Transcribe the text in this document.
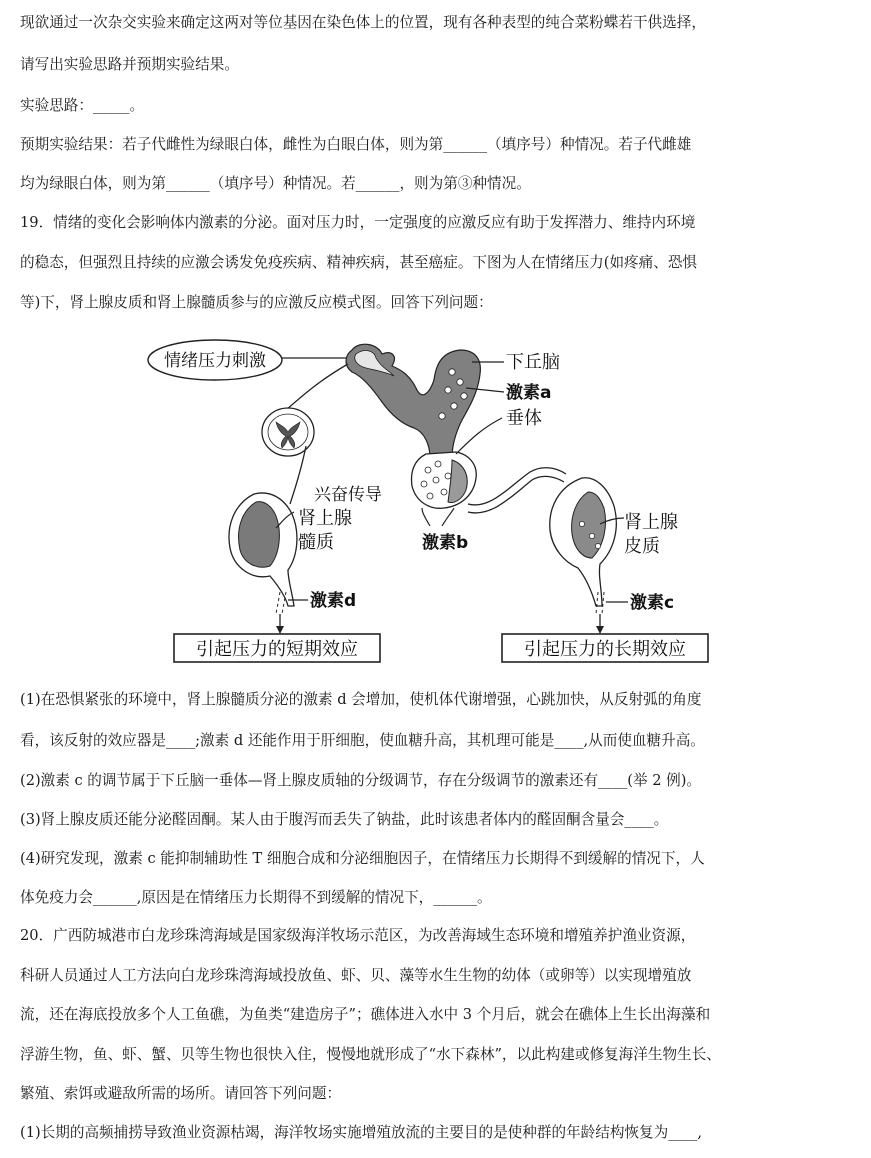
现欲通过一次杂交实验来确定这两对等位基因在染色体上的位置，现有各种表型的纯合菜粉蝶若干供选择，
请写出实验思路并预期实验结果。
实验思路：_____。
预期实验结果：若子代雌性为绿眼白体，雌性为白眼白体，则为第______（填序号）种情况。若子代雌雄
均为绿眼白体，则为第______（填序号）种情况。若______，则为第③种情况。
19．情绪的变化会影响体内激素的分泌。面对压力时，一定强度的应激反应有助于发挥潜力、维持内环境
的稳态，但强烈且持续的应激会诱发免疫疾病、精神疾病，甚至癌症。下图为人在情绪压力(如疼痛、恐惧
等)下，肾上腺皮质和肾上腺髓质参与的应激反应模式图。回答下列问题：
情绪压力刺激	下丘脑
激素a
垂体
兴奋传导
肾上腺
髓质	激素b
肾上腺
皮质
激素d	激素c
引起压力的短期效应	引起压力的长期效应
(1)在恐惧紧张的环境中，肾上腺髓质分泌的激素 d 会增加，使机体代谢增强，心跳加快，从反射弧的角度
看，该反射的效应器是____;激素 d 还能作用于肝细胞，使血糖升高，其机理可能是____,从而使血糖升高。
(2)激素 c 的调节属于下丘脑一垂体—肾上腺皮质轴的分级调节，存在分级调节的激素还有____(举 2 例)。
(3)肾上腺皮质还能分泌醛固酮。某人由于腹泻而丢失了钠盐，此时该患者体内的醛固酮含量会____。
(4)研究发现，激素 c 能抑制辅助性 T 细胞合成和分泌细胞因子，在情绪压力长期得不到缓解的情况下，人
体免疫力会______,原因是在情绪压力长期得不到缓解的情况下，______。
20．广西防城港市白龙珍珠湾海域是国家级海洋牧场示范区，为改善海域生态环境和增殖养护渔业资源，
科研人员通过人工方法向白龙珍珠湾海域投放鱼、虾、贝、藻等水生生物的幼体（或卵等）以实现增殖放
流，还在海底投放多个人工鱼礁，为鱼类“建造房子”；礁体进入水中 3 个月后，就会在礁体上生长出海藻和
浮游生物，鱼、虾、蟹、贝等生物也很快入住，慢慢地就形成了“水下森林”，以此构建或修复海洋生物生长、
繁殖、索饵或避敌所需的场所。请回答下列问题：
(1)长期的高频捕捞导致渔业资源枯竭，海洋牧场实施增殖放流的主要目的是使种群的年龄结构恢复为____,
